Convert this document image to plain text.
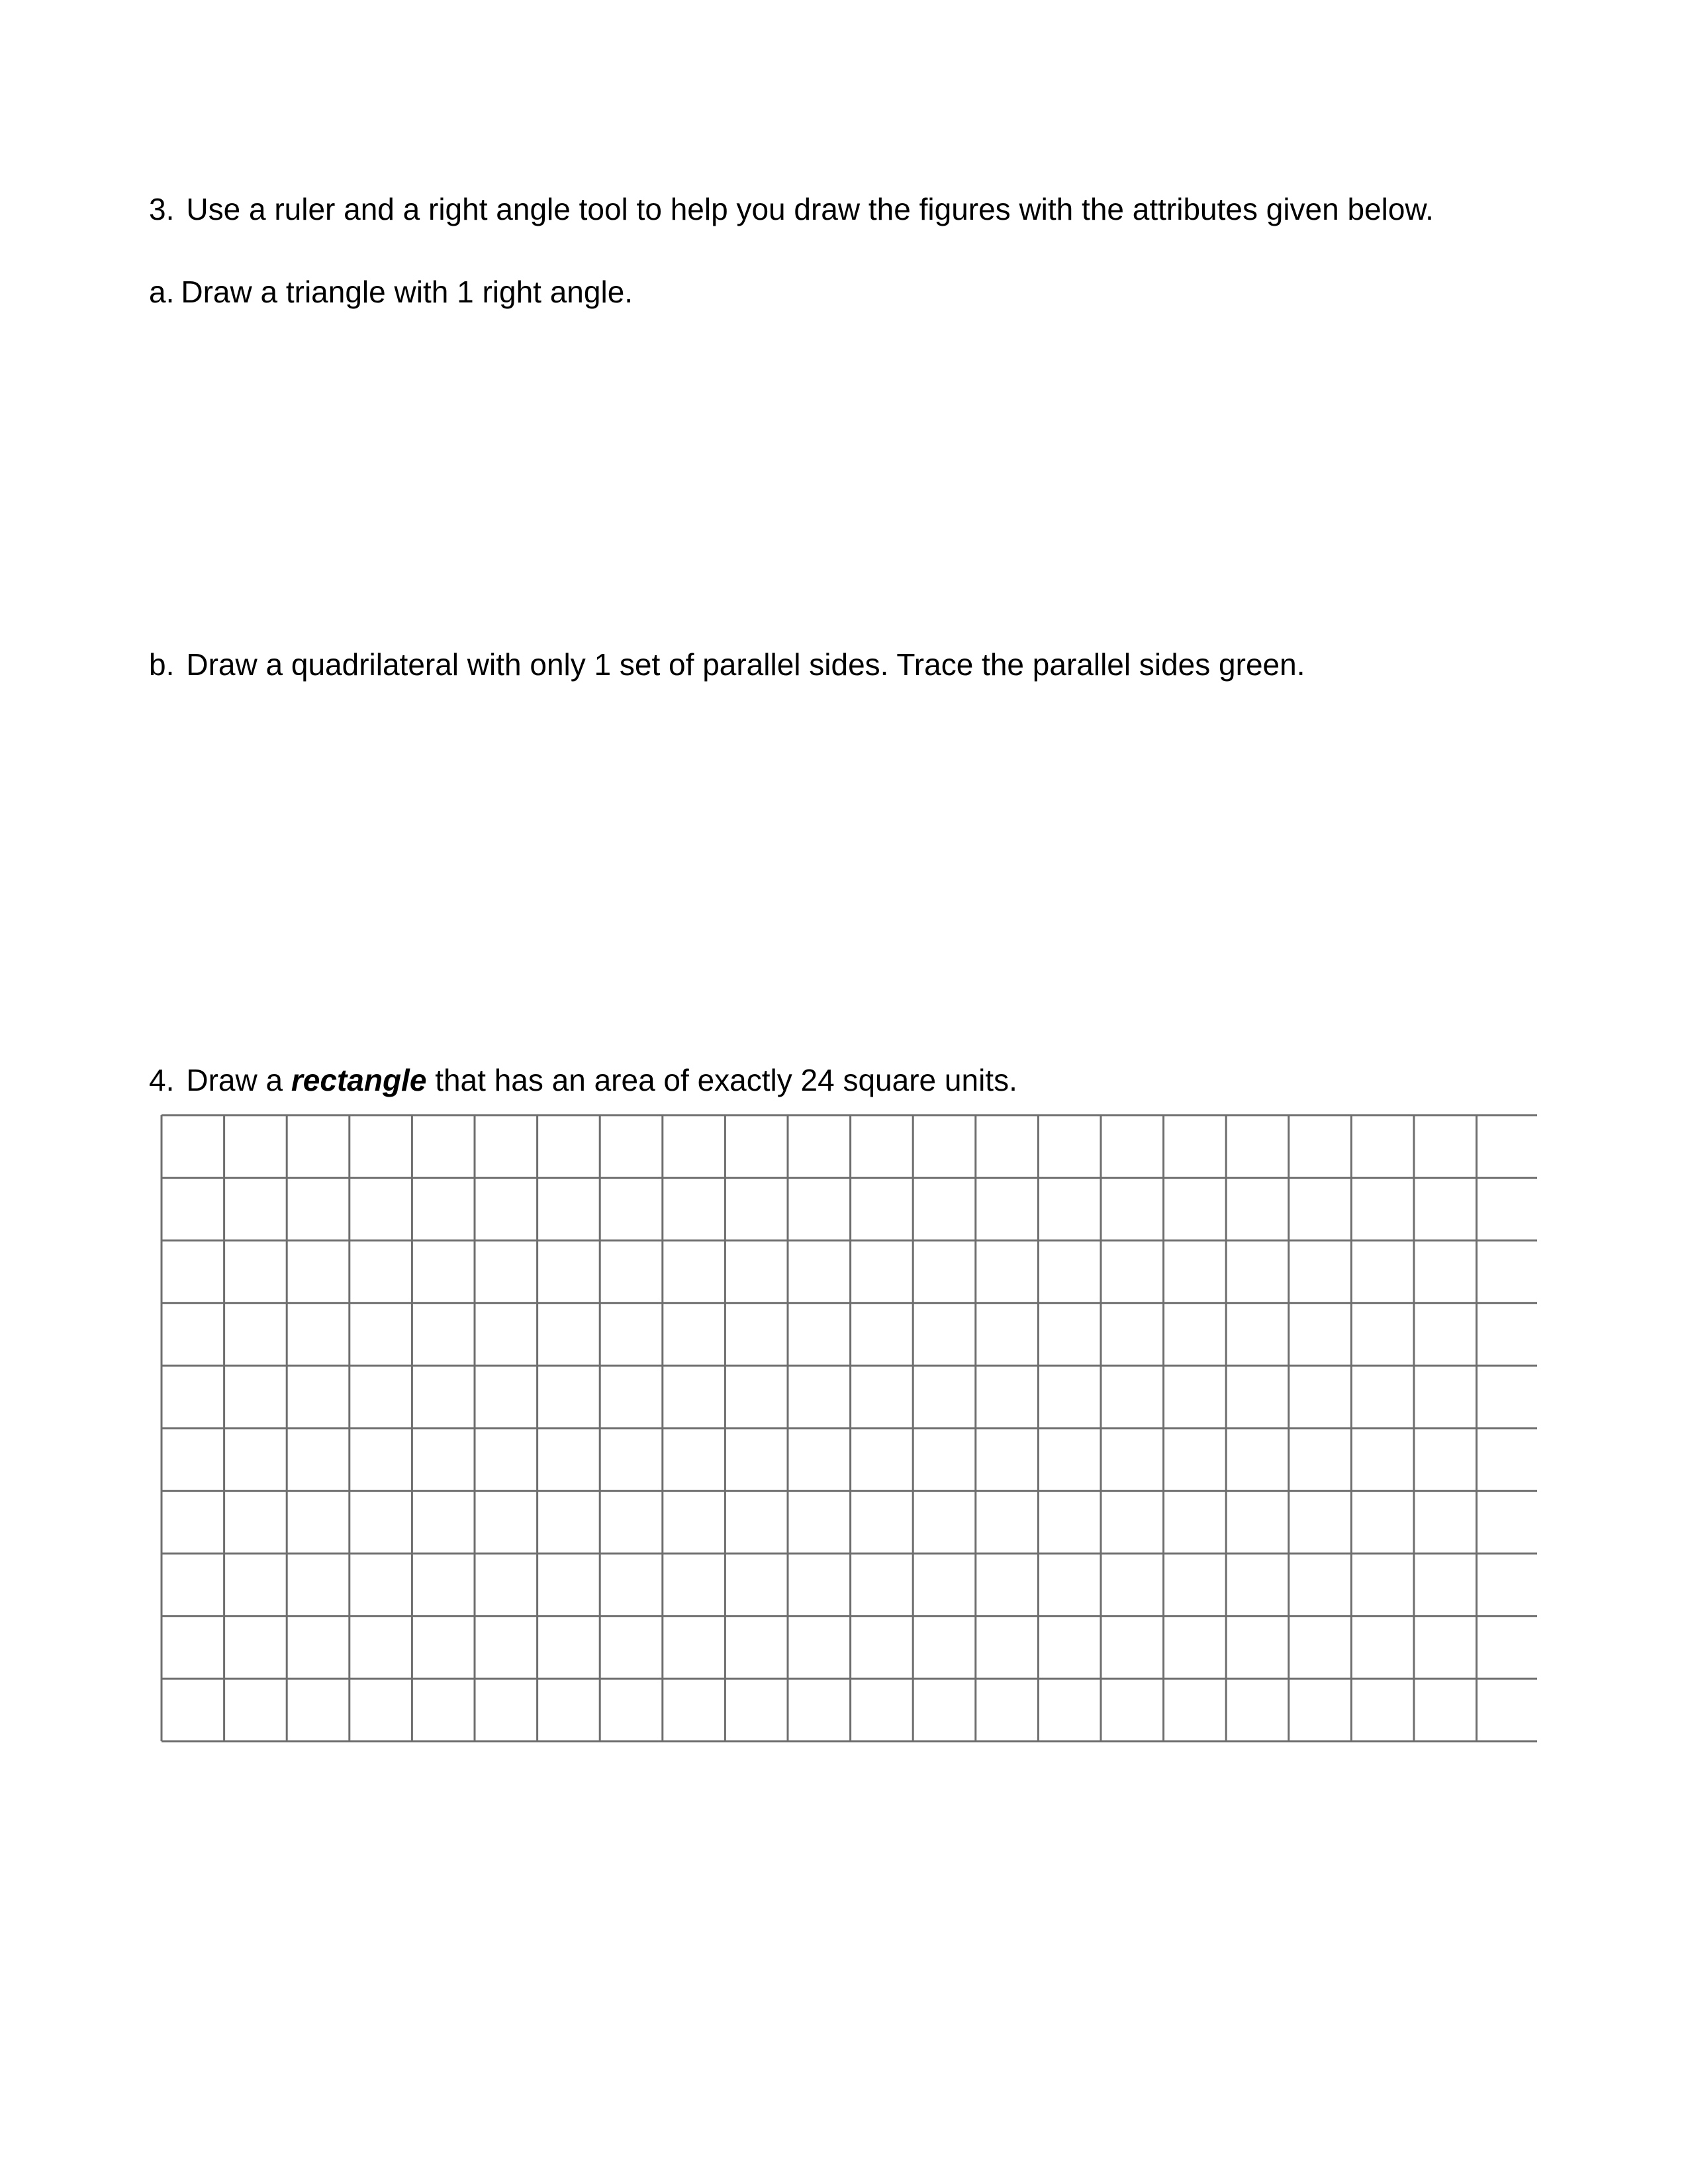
3. Use a ruler and a right angle tool to help you draw the figures with the attributes given below.

a. Draw a triangle with 1 right angle.

b. Draw a quadrilateral with only 1 set of parallel sides. Trace the parallel sides green.

4. Draw a rectangle that has an area of exactly 24 square units.
